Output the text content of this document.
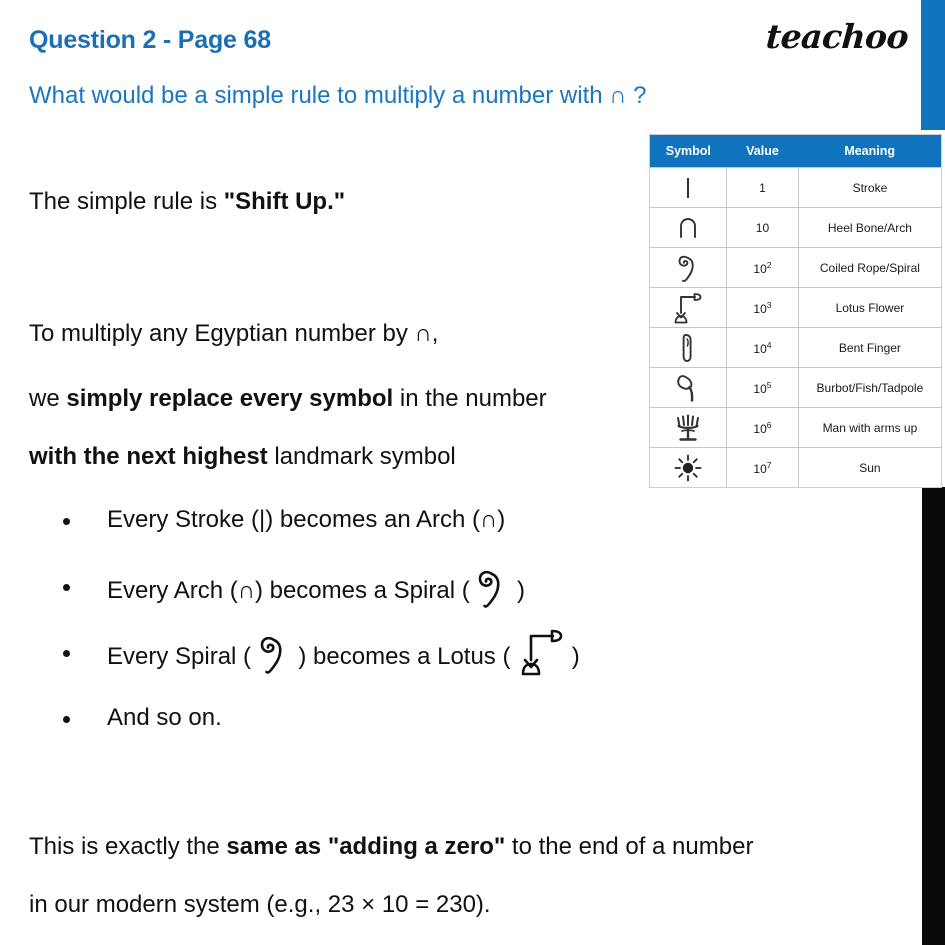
Question 2 - Page 68
What would be a simple rule to multiply a number with ∩ ?
teachoo
The simple rule is "Shift Up."
To multiply any Egyptian number by ∩,
we simply replace every symbol in the number
with the next highest landmark symbol
Every Stroke (|) becomes an Arch (∩)
Every Arch (∩) becomes a Spiral (
)
Every Spiral (
) becomes a Lotus (
)
And so on.
This is exactly the same as "adding a zero" to the end of a number
in our modern system (e.g., 23 × 10 = 230).
Symbol	Value	Meaning
	1	Stroke
	10	Heel Bone/Arch
	$10^2$	Coiled Rope/Spiral
	$10^3$	Lotus Flower
	$10^4$	Bent Finger
	$10^5$	Burbot/Fish/Tadpole
	$10^6$	Man with arms up
	$10^7$	Sun
